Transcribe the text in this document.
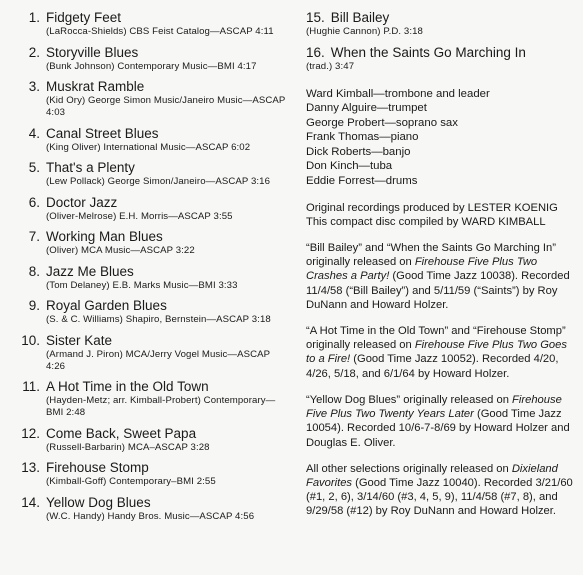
1. Fidgety Feet
(LaRocca-Shields) CBS Feist Catalog—ASCAP 4:11
2. Storyville Blues
(Bunk Johnson) Contemporary Music—BMI 4:17
3. Muskrat Ramble
(Kid Ory) George Simon Music/Janeiro Music—ASCAP 4:03
4. Canal Street Blues
(King Oliver) International Music—ASCAP 6:02
5. That's a Plenty
(Lew Pollack) George Simon/Janeiro—ASCAP 3:16
6. Doctor Jazz
(Oliver-Melrose) E.H. Morris—ASCAP 3:55
7. Working Man Blues
(Oliver) MCA Music—ASCAP 3:22
8. Jazz Me Blues
(Tom Delaney) E.B. Marks Music—BMI 3:33
9. Royal Garden Blues
(S. & C. Williams) Shapiro, Bernstein—ASCAP 3:18
10. Sister Kate
(Armand J. Piron) MCA/Jerry Vogel Music—ASCAP 4:26
11. A Hot Time in the Old Town
(Hayden-Metz; arr. Kimball-Probert) Contemporary—BMI 2:48
12. Come Back, Sweet Papa
(Russell-Barbarin) MCA–ASCAP 3:28
13. Firehouse Stomp
(Kimball-Goff) Contemporary–BMI 2:55
14. Yellow Dog Blues
(W.C. Handy) Handy Bros. Music—ASCAP 4:56
15. Bill Bailey
(Hughie Cannon) P.D. 3:18
16. When the Saints Go Marching In
(trad.) 3:47
Ward Kimball—trombone and leader
Danny Alguire—trumpet
George Probert—soprano sax
Frank Thomas—piano
Dick Roberts—banjo
Don Kinch—tuba
Eddie Forrest—drums
Original recordings produced by LESTER KOENIG
This compact disc compiled by WARD KIMBALL
“Bill Bailey” and “When the Saints Go Marching In” originally released on Firehouse Five Plus Two Crashes a Party! (Good Time Jazz 10038). Recorded 11/4/58 (“Bill Bailey”) and 5/11/59 (“Saints”) by Roy DuNann and Howard Holzer.
“A Hot Time in the Old Town” and “Firehouse Stomp” originally released on Firehouse Five Plus Two Goes to a Fire! (Good Time Jazz 10052). Recorded 4/20, 4/26, 5/18, and 6/1/64 by Howard Holzer.
“Yellow Dog Blues” originally released on Firehouse Five Plus Two Twenty Years Later (Good Time Jazz 10054). Recorded 10/6-7-8/69 by Howard Holzer and Douglas E. Oliver.
All other selections originally released on Dixieland Favorites (Good Time Jazz 10040). Recorded 3/21/60 (#1, 2, 6), 3/14/60 (#3, 4, 5, 9), 11/4/58 (#7, 8), and 9/29/58 (#12) by Roy DuNann and Howard Holzer.
